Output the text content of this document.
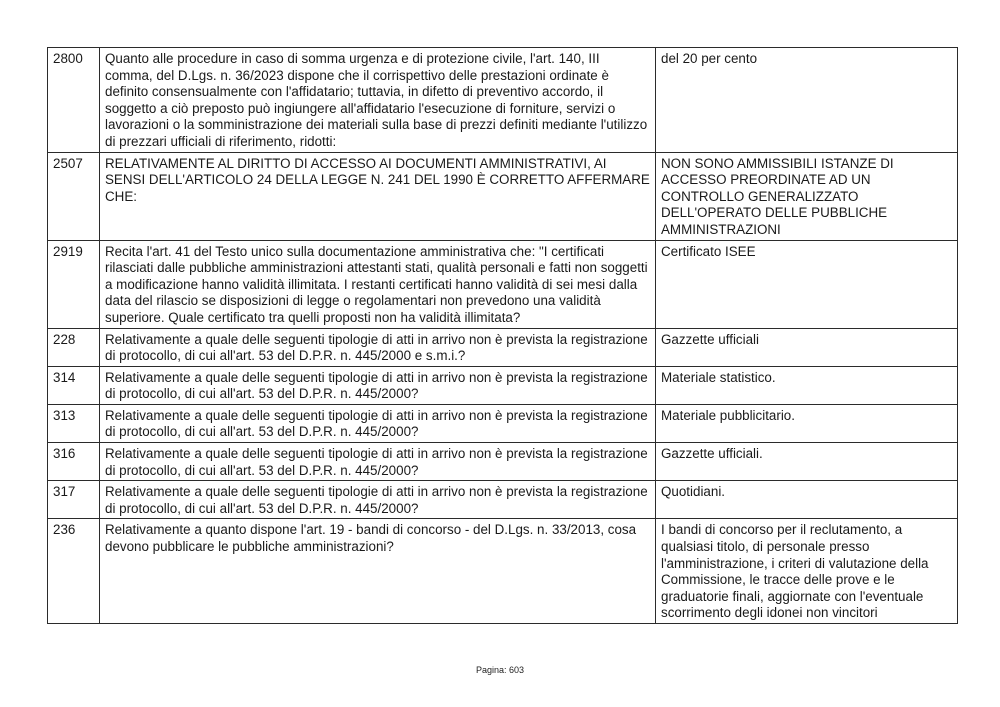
2800	Quanto alle procedure in caso di somma urgenza e di protezione civile, l'art. 140, III comma, del D.Lgs. n. 36/2023 dispone che il corrispettivo delle prestazioni ordinate è definito consensualmente con l'affidatario; tuttavia, in difetto di preventivo accordo, il soggetto a ciò preposto può ingiungere all'affidatario l'esecuzione di forniture, servizi o lavorazioni o la somministrazione dei materiali sulla base di prezzi definiti mediante l'utilizzo di prezzari ufficiali di riferimento, ridotti:	del 20 per cento
2507	RELATIVAMENTE AL DIRITTO DI ACCESSO AI DOCUMENTI AMMINISTRATIVI, AI SENSI DELL'ARTICOLO 24 DELLA LEGGE N. 241 DEL 1990 È CORRETTO AFFERMARE CHE:	NON SONO AMMISSIBILI ISTANZE DI ACCESSO PREORDINATE AD UN CONTROLLO GENERALIZZATO DELL'OPERATO DELLE PUBBLICHE AMMINISTRAZIONI
2919	Recita l'art. 41 del Testo unico sulla documentazione amministrativa che: "I certificati rilasciati dalle pubbliche amministrazioni attestanti stati, qualità personali e fatti non soggetti a modificazione hanno validità illimitata. I restanti certificati hanno validità di sei mesi dalla data del rilascio se disposizioni di legge o regolamentari non prevedono una validità superiore. Quale certificato tra quelli proposti non ha validità illimitata?	Certificato ISEE
228	Relativamente a quale delle seguenti tipologie di atti in arrivo non è prevista la registrazione di protocollo, di cui all'art. 53 del D.P.R. n. 445/2000 e s.m.i.?	Gazzette ufficiali
314	Relativamente a quale delle seguenti tipologie di atti in arrivo non è prevista la registrazione di protocollo, di cui all'art. 53 del D.P.R. n. 445/2000?	Materiale statistico.
313	Relativamente a quale delle seguenti tipologie di atti in arrivo non è prevista la registrazione di protocollo, di cui all'art. 53 del D.P.R. n. 445/2000?	Materiale pubblicitario.
316	Relativamente a quale delle seguenti tipologie di atti in arrivo non è prevista la registrazione di protocollo, di cui all'art. 53 del D.P.R. n. 445/2000?	Gazzette ufficiali.
317	Relativamente a quale delle seguenti tipologie di atti in arrivo non è prevista la registrazione di protocollo, di cui all'art. 53 del D.P.R. n. 445/2000?	Quotidiani.
236	Relativamente a quanto dispone l'art. 19 - bandi di concorso - del D.Lgs. n. 33/2013, cosa devono pubblicare le pubbliche amministrazioni?	I bandi di concorso per il reclutamento, a qualsiasi titolo, di personale presso l'amministrazione, i criteri di valutazione della Commissione, le tracce delle prove e le graduatorie finali, aggiornate con l'eventuale scorrimento degli idonei non vincitori
Pagina: 603
